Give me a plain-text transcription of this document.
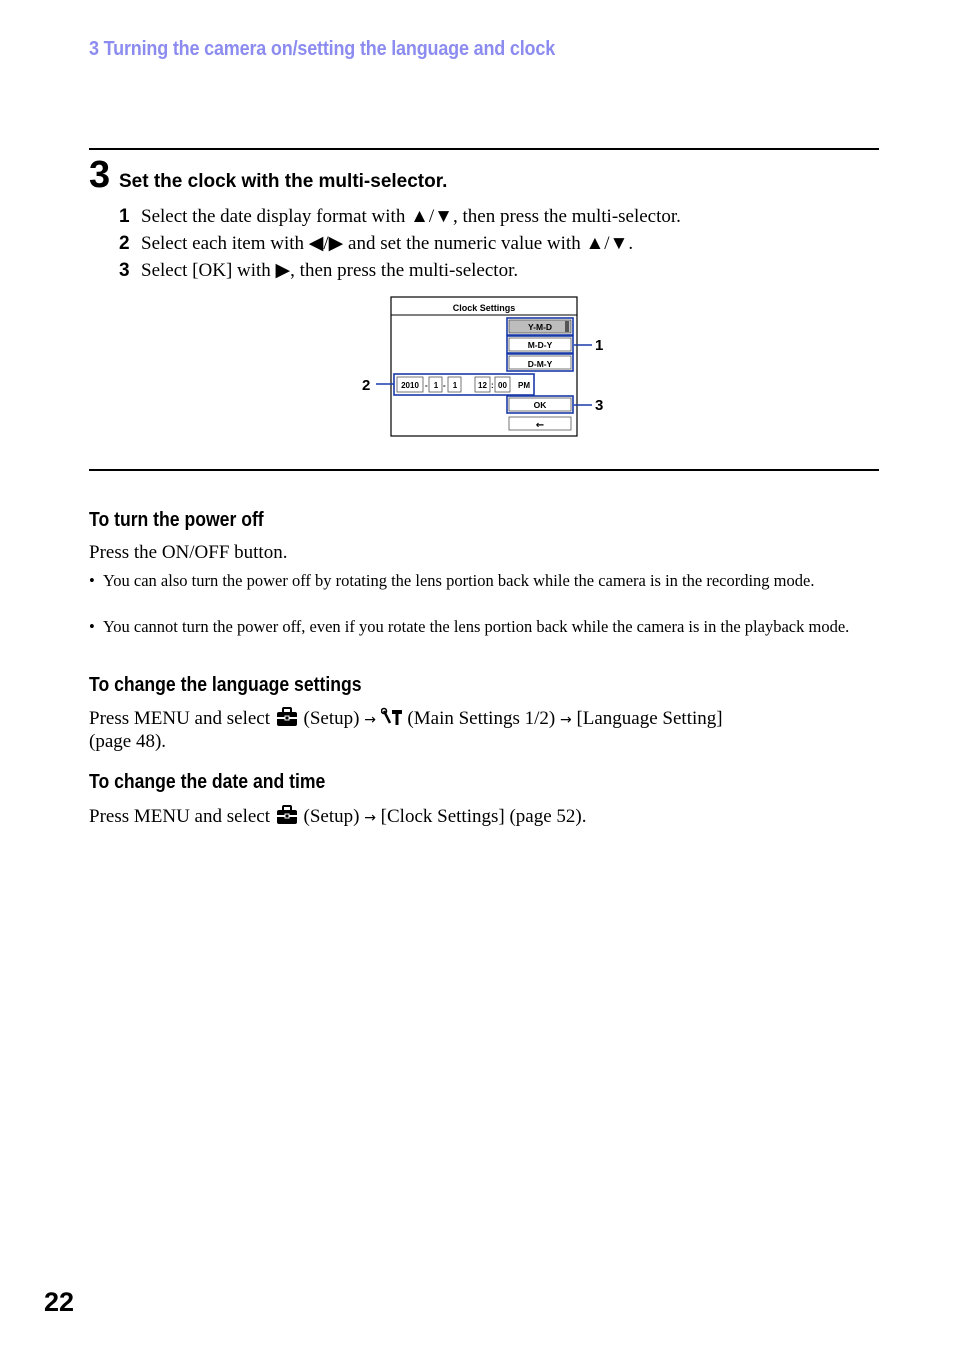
3 Turning the camera on/setting the language and clock
3 Set the clock with the multi-selector.
1 Select the date display format with ▲/▼, then press the multi-selector.
2 Select each item with ◀/▶ and set the numeric value with ▲/▼.
3 Select [OK] with ▶, then press the multi-selector.
Clock Settings
Y-M-D
M-D-Y
D-M-Y
1
2010 - 1 - 1	12 : 00 PM
2
OK	3
←
To turn the power off
Press the ON/OFF button.
• You can also turn the power off by rotating the lens portion back while the camera is in the recording mode.
• You cannot turn the power off, even if you rotate the lens portion back while the camera is in the playback mode.
To change the language settings
Press MENU and select (Setup) → (Main Settings 1/2) → [Language Setting]
(page 48).
To change the date and time
Press MENU and select (Setup) → [Clock Settings] (page 52).
22
